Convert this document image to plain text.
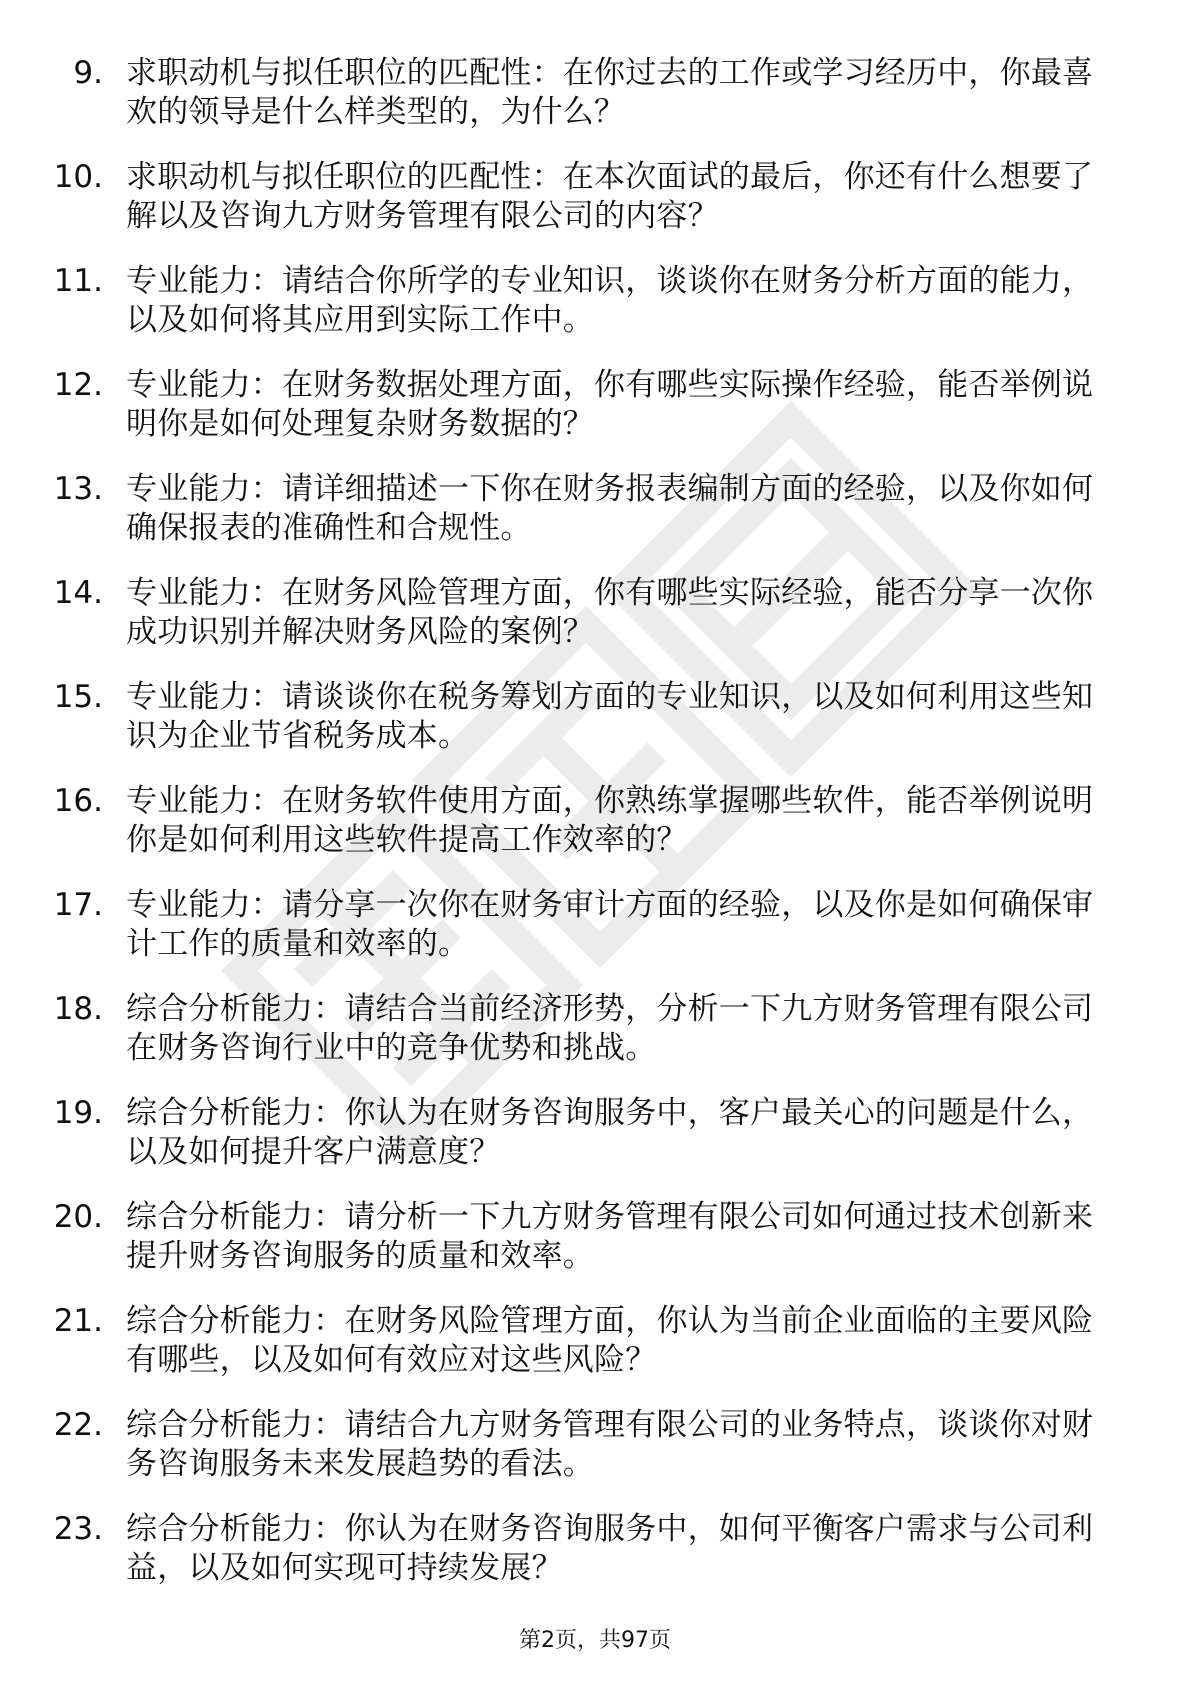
9. 求职动机与拟任职位的匹配性：在你过去的工作或学习经历中，你最喜欢的领导是什么样类型的，为什么？
10. 求职动机与拟任职位的匹配性：在本次面试的最后，你还有什么想要了解以及咨询九方财务管理有限公司的内容？
11. 专业能力：请结合你所学的专业知识，谈谈你在财务分析方面的能力，以及如何将其应用到实际工作中。
12. 专业能力：在财务数据处理方面，你有哪些实际操作经验，能否举例说明你是如何处理复杂财务数据的？
13. 专业能力：请详细描述一下你在财务报表编制方面的经验，以及你如何确保报表的准确性和合规性。
14. 专业能力：在财务风险管理方面，你有哪些实际经验，能否分享一次你成功识别并解决财务风险的案例？
15. 专业能力：请谈谈你在税务筹划方面的专业知识，以及如何利用这些知识为企业节省税务成本。
16. 专业能力：在财务软件使用方面，你熟练掌握哪些软件，能否举例说明你是如何利用这些软件提高工作效率的？
17. 专业能力：请分享一次你在财务审计方面的经验，以及你是如何确保审计工作的质量和效率的。
18. 综合分析能力：请结合当前经济形势，分析一下九方财务管理有限公司在财务咨询行业中的竞争优势和挑战。
19. 综合分析能力：你认为在财务咨询服务中，客户最关心的问题是什么，以及如何提升客户满意度？
20. 综合分析能力：请分析一下九方财务管理有限公司如何通过技术创新来提升财务咨询服务的质量和效率。
21. 综合分析能力：在财务风险管理方面，你认为当前企业面临的主要风险有哪些，以及如何有效应对这些风险？
22. 综合分析能力：请结合九方财务管理有限公司的业务特点，谈谈你对财务咨询服务未来发展趋势的看法。
23. 综合分析能力：你认为在财务咨询服务中，如何平衡客户需求与公司利益，以及如何实现可持续发展？
第2页，共97页
